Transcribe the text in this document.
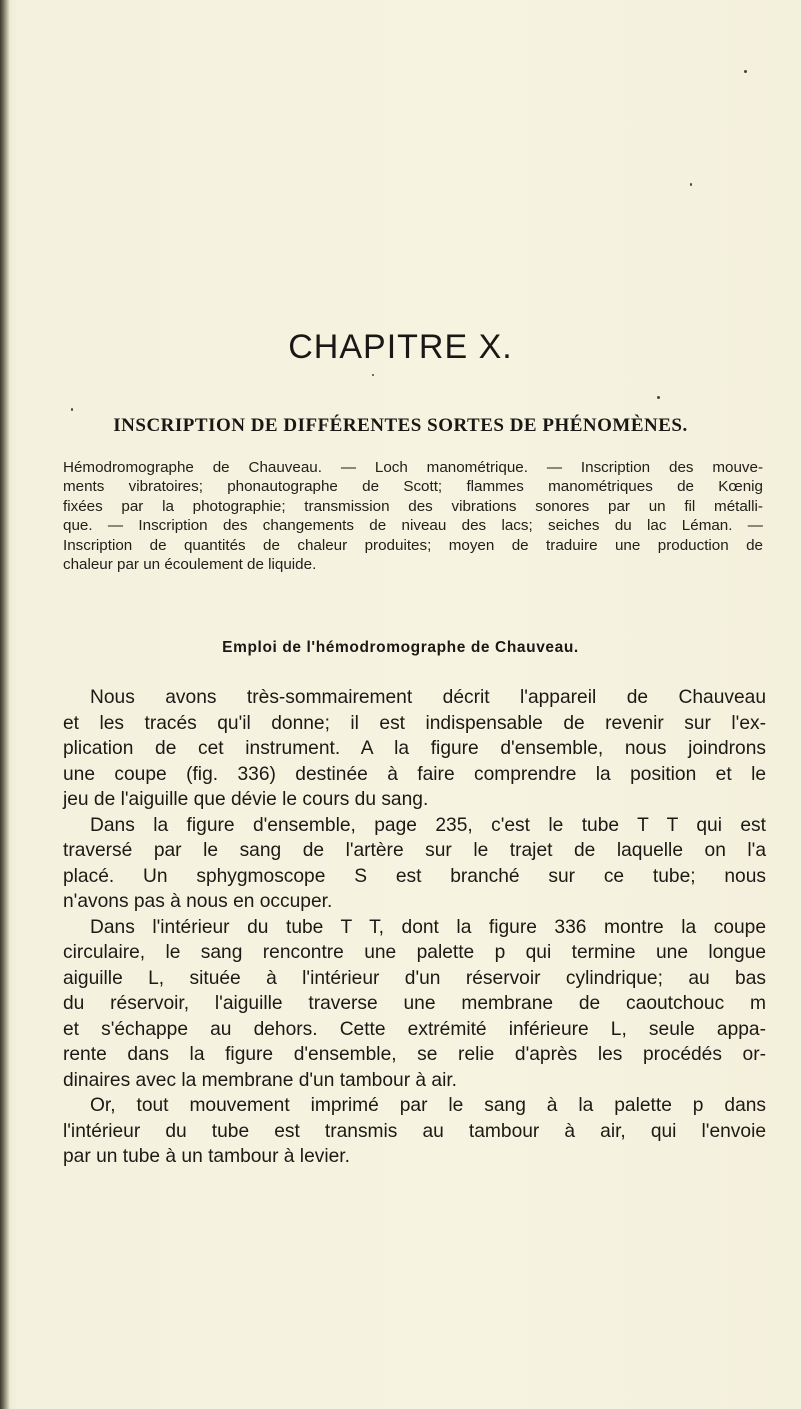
CHAPITRE X.
INSCRIPTION DE DIFFÉRENTES SORTES DE PHÉNOMÈNES.

Hémodromographe de Chauveau. — Loch manométrique. — Inscription des mouve-
ments vibratoires; phonautographe de Scott; flammes manométriques de Kœnig
fixées par la photographie; transmission des vibrations sonores par un fil métalli-
que. — Inscription des changements de niveau des lacs; seiches du lac Léman. —
Inscription de quantités de chaleur produites; moyen de traduire une production de
chaleur par un écoulement de liquide.

Emploi de l'hémodromographe de Chauveau.

Nous avons très-sommairement décrit l'appareil de Chauveau
et les tracés qu'il donne; il est indispensable de revenir sur l'ex-
plication de cet instrument. A la figure d'ensemble, nous joindrons
une coupe (fig. 336) destinée à faire comprendre la position et le
jeu de l'aiguille que dévie le cours du sang.

Dans la figure d'ensemble, page 235, c'est le tube T T qui est
traversé par le sang de l'artère sur le trajet de laquelle on l'a
placé. Un sphygmoscope S est branché sur ce tube; nous
n'avons pas à nous en occuper.

Dans l'intérieur du tube T T, dont la figure 336 montre la coupe
circulaire, le sang rencontre une palette p qui termine une longue
aiguille L, située à l'intérieur d'un réservoir cylindrique; au bas
du réservoir, l'aiguille traverse une membrane de caoutchouc m
et s'échappe au dehors. Cette extrémité inférieure L, seule appa-
rente dans la figure d'ensemble, se relie d'après les procédés or-
dinaires avec la membrane d'un tambour à air.

Or, tout mouvement imprimé par le sang à la palette p dans
l'intérieur du tube est transmis au tambour à air, qui l'envoie
par un tube à un tambour à levier.
